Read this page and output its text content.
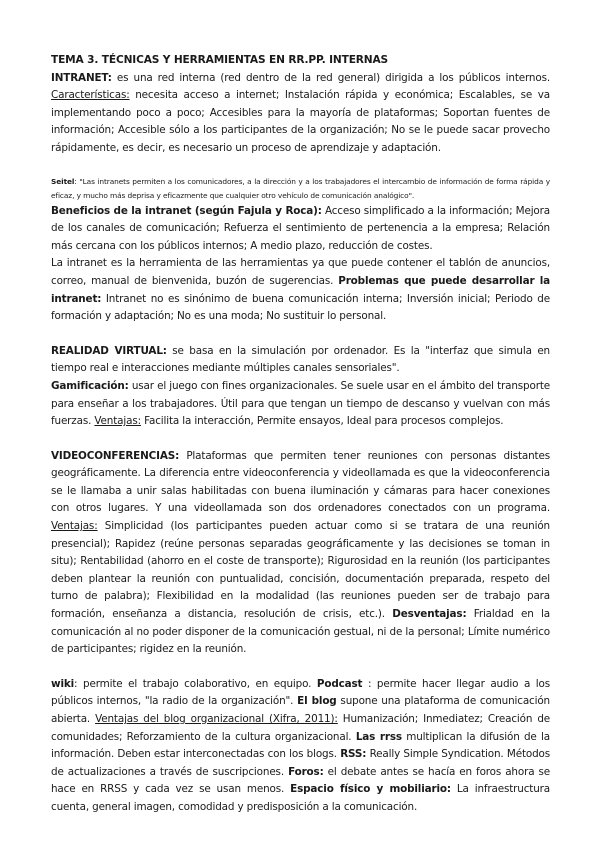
TEMA 3. TÉCNICAS Y HERRAMIENTAS EN RR.PP. INTERNAS

INTRANET: es una red interna (red dentro de la red general) dirigida a los públicos internos. Características: necesita acceso a internet; Instalación rápida y económica; Escalables, se va implementando poco a poco; Accesibles para la mayoría de plataformas; Soportan fuentes de información; Accesible sólo a los participantes de la organización; No se le puede sacar provecho rápidamente, es decir, es necesario un proceso de aprendizaje y adaptación.

Seitel: "Las intranets permiten a los comunicadores, a la dirección y a los trabajadores el intercambio de información de forma rápida y eficaz, y mucho más deprisa y eficazmente que cualquier otro vehículo de comunicación analógico".

Beneficios de la intranet (según Fajula y Roca): Acceso simplificado a la información; Mejora de los canales de comunicación; Refuerza el sentimiento de pertenencia a la empresa; Relación más cercana con los públicos internos; A medio plazo, reducción de costes.

La intranet es la herramienta de las herramientas ya que puede contener el tablón de anuncios, correo, manual de bienvenida, buzón de sugerencias. Problemas que puede desarrollar la intranet: Intranet no es sinónimo de buena comunicación interna; Inversión inicial; Periodo de formación y adaptación; No es una moda; No sustituir lo personal.

REALIDAD VIRTUAL: se basa en la simulación por ordenador. Es la "interfaz que simula en tiempo real e interacciones mediante múltiples canales sensoriales".

Gamificación: usar el juego con fines organizacionales. Se suele usar en el ámbito del transporte para enseñar a los trabajadores. Útil para que tengan un tiempo de descanso y vuelvan con más fuerzas. Ventajas: Facilita la interacción, Permite ensayos, Ideal para procesos complejos.

VIDEOCONFERENCIAS: Plataformas que permiten tener reuniones con personas distantes geográficamente. La diferencia entre videoconferencia y videollamada es que la videoconferencia se le llamaba a unir salas habilitadas con buena iluminación y cámaras para hacer conexiones con otros lugares. Y una videollamada son dos ordenadores conectados con un programa. Ventajas: Simplicidad (los participantes pueden actuar como si se tratara de una reunión presencial); Rapidez (reúne personas separadas geográficamente y las decisiones se toman in situ); Rentabilidad (ahorro en el coste de transporte); Rigurosidad en la reunión (los participantes deben plantear la reunión con puntualidad, concisión, documentación preparada, respeto del turno de palabra); Flexibilidad en la modalidad (las reuniones pueden ser de trabajo para formación, enseñanza a distancia, resolución de crisis, etc.). Desventajas: Frialdad en la comunicación al no poder disponer de la comunicación gestual, ni de la personal; Límite numérico de participantes; rigidez en la reunión.

wiki: permite el trabajo colaborativo, en equipo. Podcast : permite hacer llegar audio a los públicos internos, "la radio de la organización". El blog supone una plataforma de comunicación abierta. Ventajas del blog organizacional (Xifra, 2011): Humanización; Inmediatez; Creación de comunidades; Reforzamiento de la cultura organizacional. Las rrss multiplican la difusión de la información. Deben estar interconectadas con los blogs. RSS: Really Simple Syndication. Métodos de actualizaciones a través de suscripciones. Foros: el debate antes se hacía en foros ahora se hace en RRSS y cada vez se usan menos. Espacio físico y mobiliario: La infraestructura cuenta, general imagen, comodidad y predisposición a la comunicación.
